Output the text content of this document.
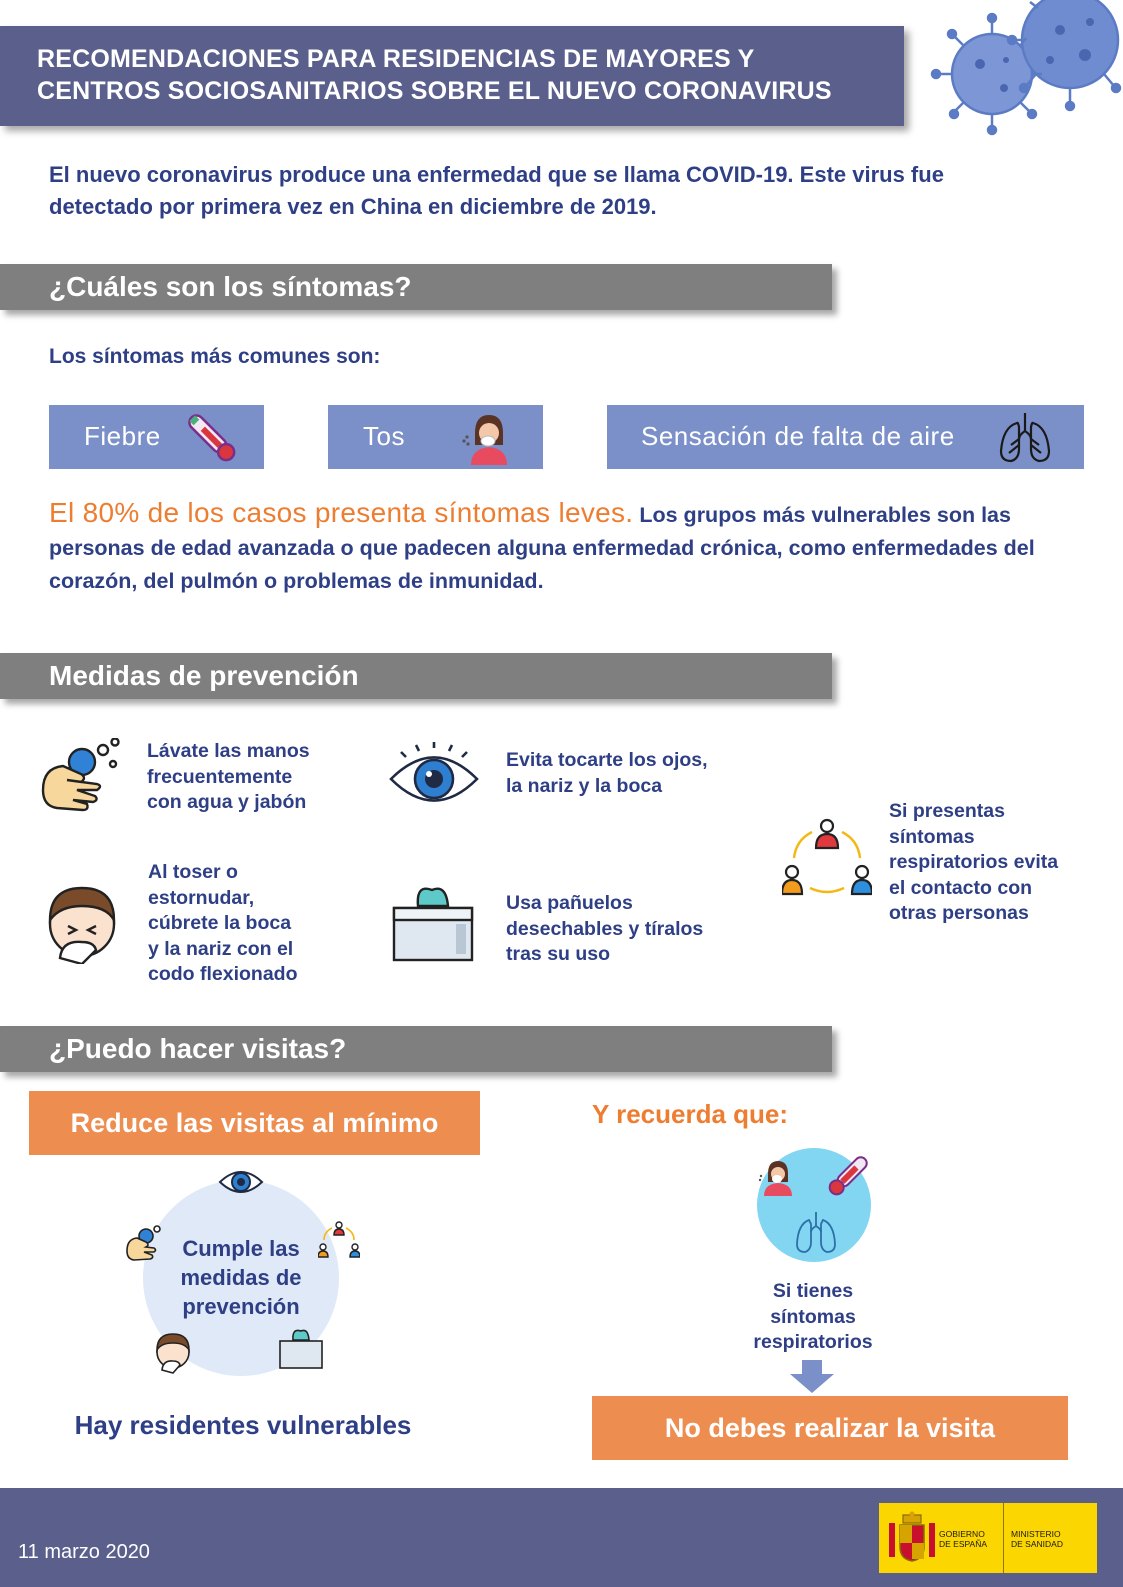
RECOMENDACIONES PARA RESIDENCIAS DE MAYORES Y
CENTROS SOCIOSANITARIOS SOBRE EL NUEVO CORONAVIRUS
El nuevo coronavirus produce una enfermedad que se llama COVID-19. Este virus fue
detectado por primera vez en China en diciembre de 2019.
¿Cuáles son los síntomas?
Los síntomas más comunes son:
Fiebre	Tos	Sensación de falta de aire
El 80% de los casos presenta síntomas leves. Los grupos más vulnerables son las personas de edad avanzada o que padecen alguna enfermedad crónica, como enfermedades del corazón, del pulmón o problemas de inmunidad.
Medidas de prevención
Lávate las manos
frecuentemente
con agua y jabón
Evita tocarte los ojos,
la nariz y la boca
Si presentas
síntomas
respiratorios evita
el contacto con
otras personas
Al toser o
estornudar,
cúbrete la boca
y la nariz con el
codo flexionado
Usa pañuelos
desechables y tíralos
tras su uso
¿Puedo hacer visitas?
Reduce las visitas al mínimo
Cumple las
medidas de
prevención
Hay residentes vulnerables
Y recuerda que:
Si tienes
síntomas
respiratorios
No debes realizar la visita
11 marzo 2020
GOBIERNO
DE ESPAÑA
MINISTERIO
DE SANIDAD
